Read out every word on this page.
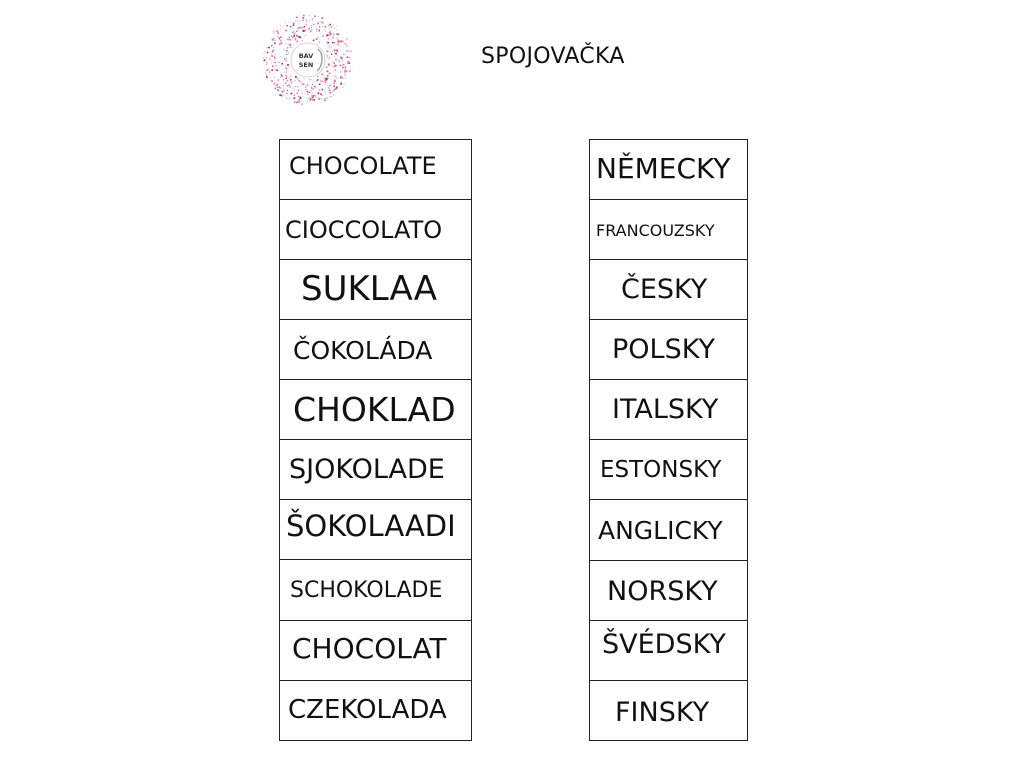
BAV
SEN	SPOJOVAČKA
CHOCOLATE
CIOCCOLATO
SUKLAA
ČOKOLÁDA
CHOKLAD
SJOKOLADE
ŠOKOLAADI
SCHOKOLADE
CHOCOLAT
CZEKOLADA
NĚMECKY
FRANCOUZSKY
ČESKY
POLSKY
ITALSKY
ESTONSKY
ANGLICKY
NORSKY
ŠVÉDSKY
FINSKY
